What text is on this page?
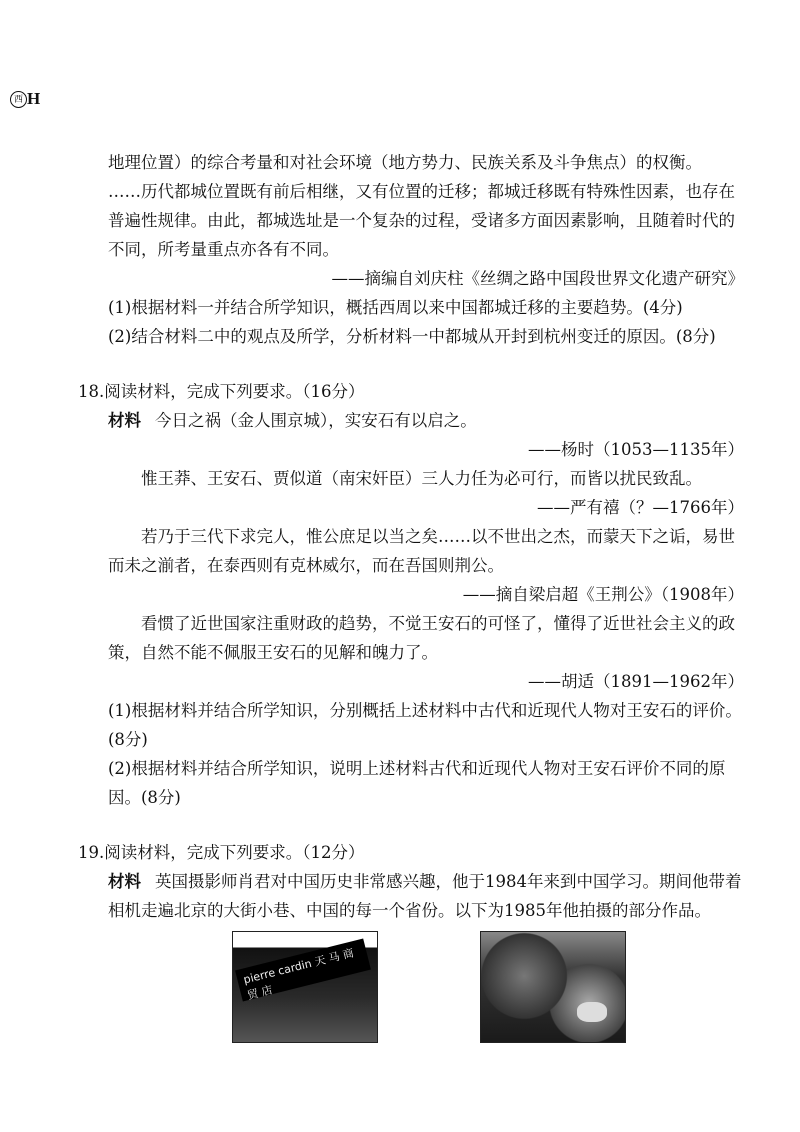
西 H

地理位置）的综合考量和对社会环境（地方势力、民族关系及斗争焦点）的权衡。

……历代都城位置既有前后相继，又有位置的迁移；都城迁移既有特殊性因素，也存在普遍性规律。由此，都城选址是一个复杂的过程，受诸多方面因素影响，且随着时代的不同，所考量重点亦各有不同。

——摘编自刘庆柱《丝绸之路中国段世界文化遗产研究》

(1)根据材料一并结合所学知识，概括西周以来中国都城迁移的主要趋势。(4分)

(2)结合材料二中的观点及所学，分析材料一中都城从开封到杭州变迁的原因。(8分)

18.阅读材料，完成下列要求。（16分）

材料 今日之祸（金人围京城），实安石有以启之。

——杨时（1053—1135年）

惟王莽、王安石、贾似道（南宋奸臣）三人力任为必可行，而皆以扰民致乱。

——严有禧（？—1766年）

若乃于三代下求完人，惟公庶足以当之矣……以不世出之杰，而蒙天下之诟，易世而未之湔者，在泰西则有克林威尔，而在吾国则荆公。

——摘自梁启超《王荆公》（1908年）

看惯了近世国家注重财政的趋势，不觉王安石的可怪了，懂得了近世社会主义的政策，自然不能不佩服王安石的见解和魄力了。

——胡适（1891—1962年）

(1)根据材料并结合所学知识，分别概括上述材料中古代和近现代人物对王安石的评价。(8分)

(2)根据材料并结合所学知识，说明上述材料古代和近现代人物对王安石评价不同的原因。(8分)

19.阅读材料，完成下列要求。（12分）

材料 英国摄影师肖君对中国历史非常感兴趣，他于1984年来到中国学习。期间他带着相机走遍北京的大街小巷、中国的每一个省份。以下为1985年他拍摄的部分作品。

pierre cardin 天 马 商 贸 店
